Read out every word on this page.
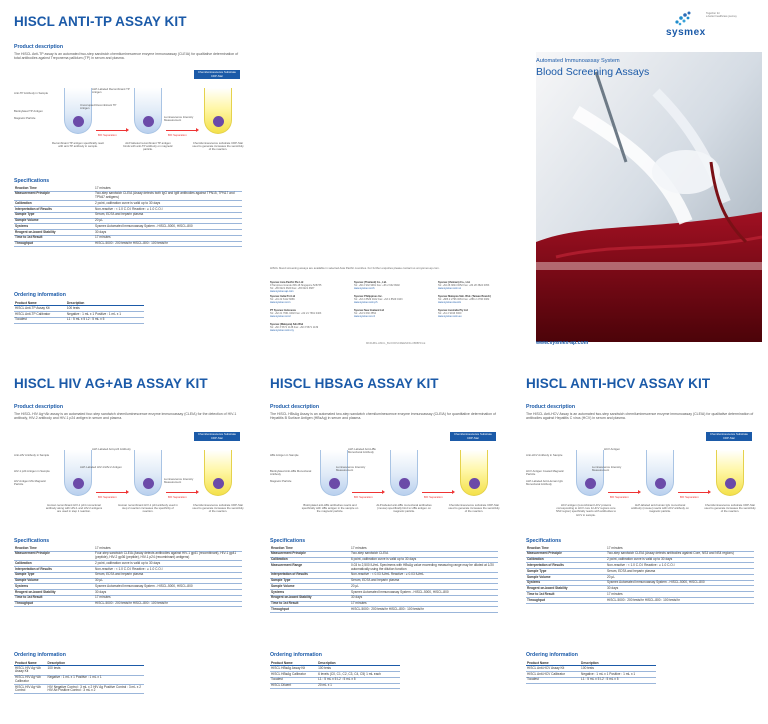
HISCL ANTI-TP ASSAY KIT
Product description
The HISCL Anti-TP assay is an automated two-step sandwich chemiluminescence enzyme immunoassay (CLEIA) for qualitative determination of total antibodies against Treponema pallidum (TP) in serum and plasma.
Chemiluminescence Substrate CDP-Star
Anti-TP Antibody in Sample
Biotinylated TP Antigen
Magnetic Particle
ALP-Labeled Recombinant TP Antigen
Unoccupied Recombinant TP Antigen
Luminescence Intensity Measurement
B/F Separation	B/F Separation
Recombinant TP antigen specifically react with anti-TP antibody in sample.
ALP-labeled recombinant TP antigen binds with anti-TP antibody on magnetic particle.
Chemiluminescence substrate CDP-Star used to generate increases the sensitivity of the reaction.
Specifications
Reaction Time	17 minutes
Measurement Principle	Two-step sandwich CLEIA (Assay detects both IgG and IgM antibodies against TPN15, TPN17 and TPN47 antigens)
Calibration	2 point, calibration curve is valid up to 30 days
Interpretation of Results	Non-reactive : < 1.0 C.O.I Reactive : ≥ 1.0 C.O.I
Sample Type	Serum, EDTA and heparin plasma
Sample Volume	20 μL
Systems	Sysmex Automated Immunoassay System - HISCL-5000, HISCL-800
Reagent on-board Stability	30 days
Time to 1st Result	17 minutes
Throughput	HISCL-5000 : 200 tests/hr HISCL-800 : 100 tests/hr
Ordering information
Product Name	Description
HISCL Anti-TP Assay Kit	100 tests
HISCL Anti-TP Calibrator	Negative : 1 mL x 1 Positive : 1 mL x 1
Tocalest	L1 : 5 mL x 5 L2 : 5 mL x 5
sysmex
Together for
a better healthcare journey
Automated Immunoassay System
Blood Screening Assays
HISCL blood screening assays are available in selected Asia Pacific countries. For further enquiries please contact us at sysmex.ap.com.
Sysmex Asia Pacific Pte Ltd
9 Tampines Grande #06-18 Singapore 528735
Tel: +65 6221 3629 Fax: +65 6221 3687
www.sysmex-ap.com
Sysmex (Thailand) Co., Ltd.
Tel: +66 2 932 9991 Fax: +66 2 932 9992
www.sysmex.co.th
Sysmex (Vietnam) Co., Ltd.
Tel: +84 28 3824 0052 Fax: +84 28 3824 0053
www.sysmex.com.vn
Sysmex India Pvt Ltd
Tel: +91 22 6112 6666
www.sysmex.co.in
Sysmex Philippines Inc.
Tel: +63 2 8529 0102 Fax: +63 2 8529 0103
www.sysmex.com.ph
Sysmex Malaysia Sdn. Bhd. (Taiwan Branch)
Tel: +886 2 2796 0081 Fax: +886 2 2796 0082
www.sysmex-tw.com
PT Sysmex Indonesia
Tel: +62 21 7661 0402 Fax: +62 21 7661 0403
www.sysmex.co.id
Sysmex New Zealand Ltd
Tel: +64 9 630 3554
www.sysmex.co.nz
Sysmex Australia Pty Ltd
Tel: +61 2 9016 3000
www.sysmex.com.au
Sysmex (Malaysia) Sdn Bhd
Tel: +60 3 5671 1138 Fax: +60 3 5671 1139
www.sysmex.com.my
MKFHBG-HISCL_BLOODSCREENING-0888P01-E	www.sysmex-ap.com
HISCL HIV AG+AB ASSAY KIT
Product description
The HISCL HIV Ag+Ab assay is an automated four-step sandwich chemiluminescence enzyme immunoassay (CLEIA) for the detection of HIV-1 antibody, HIV-2 antibody and HIV-1 p24 antigen in serum and plasma.
Chemiluminescence Substrate CDP-Star
Anti-HIV Antibody in Sample
HIV-1 p24 Antigen in Sample
HIV Antigen Mix Magnetic Particle
ALP-Labeled Anti-p24 Antibody
ALP-Labeled HIV-1/HIV-2 Antigen
Luminescence Intensity Measurement
B/F Separation	B/F Separation
Human recombinant HIV-1 p24 monoclonal antibody along with HIV-1 and HIV-2 antigens are used in step 1 reaction.
Human recombinant HIV-1 p24 antibody used in step 2 reaction increases the specificity of reaction.
Chemiluminescence substrate CDP-Star used to generate increases the sensitivity of the reaction.
Specifications
Reaction Time	17 minutes
Measurement Principle	Four-step sandwich CLEIA (Assay detects antibodies against HIV-1 gp41 (recombinant), HIV-1 gp41 (peptide), HIV-2 gp36 (peptide), HIV-1 p24 (recombinant) antigens)
Calibration	2 point, calibration curve is valid up to 30 days
Interpretation of Results	Non-reactive : < 1.0 C.O.I Reactive : ≥ 1.0 C.O.I
Sample Type	Serum, EDTA and heparin plasma
Sample Volume	30 μL
Systems	Sysmex Automated Immunoassay System - HISCL-5000, HISCL-800
Reagent on-board Stability	30 days
Time to 1st Result	17 minutes
Throughput	HISCL-5000 : 200 tests/hr HISCL-800 : 100 tests/hr
Ordering information
Product Name	Description
HISCL HIV Ag+Ab Assay Kit	100 tests
HISCL HIV Ag+Ab Calibrator	Negative : 1 mL x 1 Positive : 1 mL x 1
HISCL HIV Ag+Ab Control	HIV Negative Control : 3 mL x 2 HIV Ag Positive Control : 3 mL x 2 HIV Ab Positive Control : 3 mL x 2
HISCL HBSAG ASSAY KIT
Product description
The HISCL HBsAg Assay is an automated two-step sandwich chemiluminescence enzyme immunoassay (CLEIA) for quantitative determination of Hepatitis B Surface Antigen (HBsAg) in serum and plasma.
Chemiluminescence Substrate CDP-Star
HBs Antigen in Sample
Biotinylated Anti-HBs Monoclonal Antibody
Magnetic Particle
ALP-Labeled Anti-HBs Monoclonal Antibody
Luminescence Intensity Measurement
B/F Separation	B/F Separation
Biotinylated anti-HBs antibodies reacts and specifically with HBs antigen in the sample on the magnetic particle.
ALP-labeled anti-HBs monoclonal antibodies (mouse) specifically bind to HBs antigen on magnetic particle.
Chemiluminescence substrate CDP-Star used to generate increases the sensitivity of the reaction.
Specifications
Reaction Time	17 minutes
Measurement Principle	Two-step sandwich CLEIA
Calibration	6 point, calibration curve is valid up to 30 days
Measurement Range	0.03 to 2,500 IU/mL Specimens with HBsAg value exceeding measuring range may be diluted at 1/20 automatically using the dilution function
Interpretation of Results	Non-reactive : < 0.03 IU/mL Reactive : ≥ 0.03 IU/mL
Sample Type	Serum, EDTA and heparin plasma
Sample Volume	20 μL
Systems	Sysmex Automated Immunoassay System - HISCL-5000, HISCL-800
Reagent on-board Stability	30 days
Time to 1st Result	17 minutes
Throughput	HISCL-5000 : 200 tests/hr HISCL-800 : 100 tests/hr
Ordering information
Product Name	Description
HISCL HBsAg Assay Kit	100 tests
HISCL HBsAg Calibrator	6 levels (C0, C1, C2, C3, C4, C5) 1 mL each
Tocalest	L1 : 5 mL x 5 L2 : 5 mL x 5
HISCL Diluent	20 mL x 1
HISCL ANTI-HCV ASSAY KIT
Product description
The HISCL Anti-HCV Assay is an automated two-step sandwich chemiluminescence enzyme immunoassay (CLEIA) for qualitative determination of antibodies against Hepatitis C virus (HCV) in serum and plasma.
Chemiluminescence Substrate CDP-Star
Anti-HCV Antibody in Sample
HCV Antigen Coated Magnetic Particle
ALP-Labeled Anti-Human IgG Monoclonal Antibody
HCV Antigen
Luminescence Intensity Measurement
B/F Separation	B/F Separation
HCV antigen (recombinant HCV proteins corresponding to HCV core & HCV regions core NS3 region) specifically reacts with antibodies to HCV in sample.
ALP-labeled anti-human IgG monoclonal antibody (mouse) reacts with HCV antibody on magnetic particle.
Chemiluminescence substrate CDP-Star used to generate increases the sensitivity of the reaction.
Specifications
Reaction Time	17 minutes
Measurement Principle	Two-step sandwich CLEIA (Assay detects antibodies against Core, NS3 and NS4 regions)
Calibration	2 point, calibration curve is valid up to 30 days
Interpretation of Results	Non-reactive : < 1.0 C.O.I Reactive : ≥ 1.0 C.O.I
Sample Type	Serum, EDTA and heparin plasma
Sample Volume	20 μL
Systems	Sysmex Automated Immunoassay System - HISCL-5000, HISCL-800
Reagent on-board Stability	30 days
Time to 1st Result	17 minutes
Throughput	HISCL-5000 : 200 tests/hr HISCL-800 : 100 tests/hr
Ordering information
Product Name	Description
HISCL Anti-HCV Assay Kit	100 tests
HISCL Anti-HCV Calibrator	Negative : 1 mL x 1 Positive : 1 mL x 1
Tocalest	L1 : 5 mL x 5 L2 : 5 mL x 5
